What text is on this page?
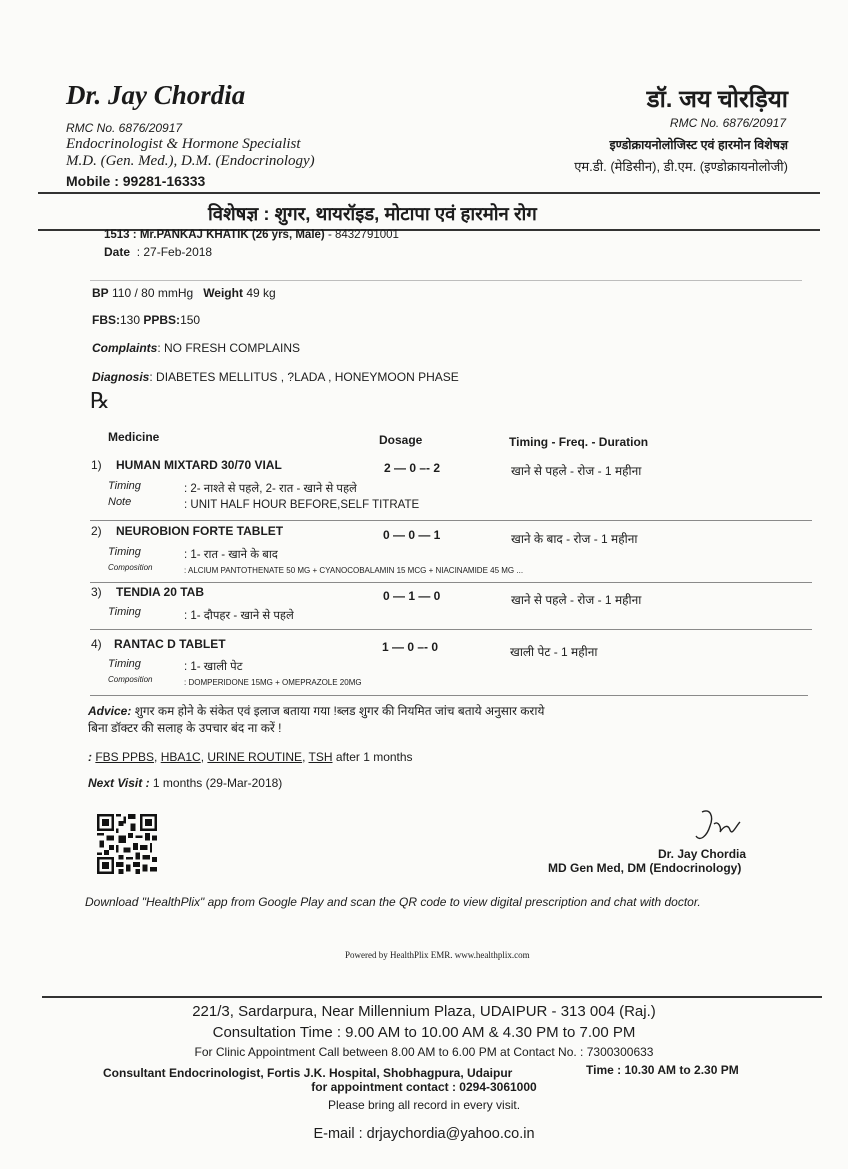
Dr. Jay Chordia
RMC No. 6876/20917
Endocrinologist & Hormone Specialist
M.D. (Gen. Med.), D.M. (Endocrinology)
Mobile : 99281-16333
डॉ. जय चोरड़िया
RMC No. 6876/20917
इण्डोक्रायनोलोजिस्ट एवं हारमोन विशेषज्ञ
एम.डी. (मेडिसीन), डी.एम. (इण्डोक्रायनोलोजी)
विशेषज्ञ : शुगर, थायरॉइड, मोटापा एवं हारमोन रोग
1513 : Mr.PANKAJ KHATIK (26 yrs, Male) - 8432791001
Date : 27-Feb-2018
BP 110 / 80 mmHg Weight 49 kg
FBS:130 PPBS:150
Complaints: NO FRESH COMPLAINS
Diagnosis: DIABETES MELLITUS , ?LADA , HONEYMOON PHASE
℞
Medicine	Dosage	Timing - Freq. - Duration
1) HUMAN MIXTARD 30/70 VIAL	2 — 0 –- 2	खाने से पहले - रोज - 1 महीना
Timing	: 2- नाश्ते से पहले, 2- रात - खाने से पहले
Note	: UNIT HALF HOUR BEFORE,SELF TITRATE
2) NEUROBION FORTE TABLET	0 — 0 — 1	खाने के बाद - रोज - 1 महीना
Timing	: 1- रात - खाने के बाद
Composition	: ALCIUM PANTOTHENATE 50 MG + CYANOCOBALAMIN 15 MCG + NIACINAMIDE 45 MG ...
3) TENDIA 20 TAB	0 — 1 — 0	खाने से पहले - रोज - 1 महीना
Timing	: 1- दौपहर - खाने से पहले
4) RANTAC D TABLET	1 — 0 –- 0	खाली पेट - 1 महीना
Timing	: 1- खाली पेट
Composition	: DOMPERIDONE 15MG + OMEPRAZOLE 20MG
Advice: शुगर कम होने के संकेत एवं इलाज बताया गया !ब्लड शुगर की नियमित जांच बताये अनुसार कराये
बिना डॉक्टर की सलाह के उपचार बंद ना करें !
: FBS PPBS, HBA1C, URINE ROUTINE, TSH after 1 months
Next Visit : 1 months (29-Mar-2018)
Dr. Jay Chordia
MD Gen Med, DM (Endocrinology)
Download "HealthPlix" app from Google Play and scan the QR code to view digital prescription and chat with doctor.
Powered by HealthPlix EMR. www.healthplix.com
221/3, Sardarpura, Near Millennium Plaza, UDAIPUR - 313 004 (Raj.)
Consultation Time : 9.00 AM to 10.00 AM & 4.30 PM to 7.00 PM
For Clinic Appointment Call between 8.00 AM to 6.00 PM at Contact No. : 7300300633
Consultant Endocrinologist, Fortis J.K. Hospital, Shobhagpura, Udaipur	Time : 10.30 AM to 2.30 PM
for appointment contact : 0294-3061000
Please bring all record in every visit.
E-mail : drjaychordia@yahoo.co.in
